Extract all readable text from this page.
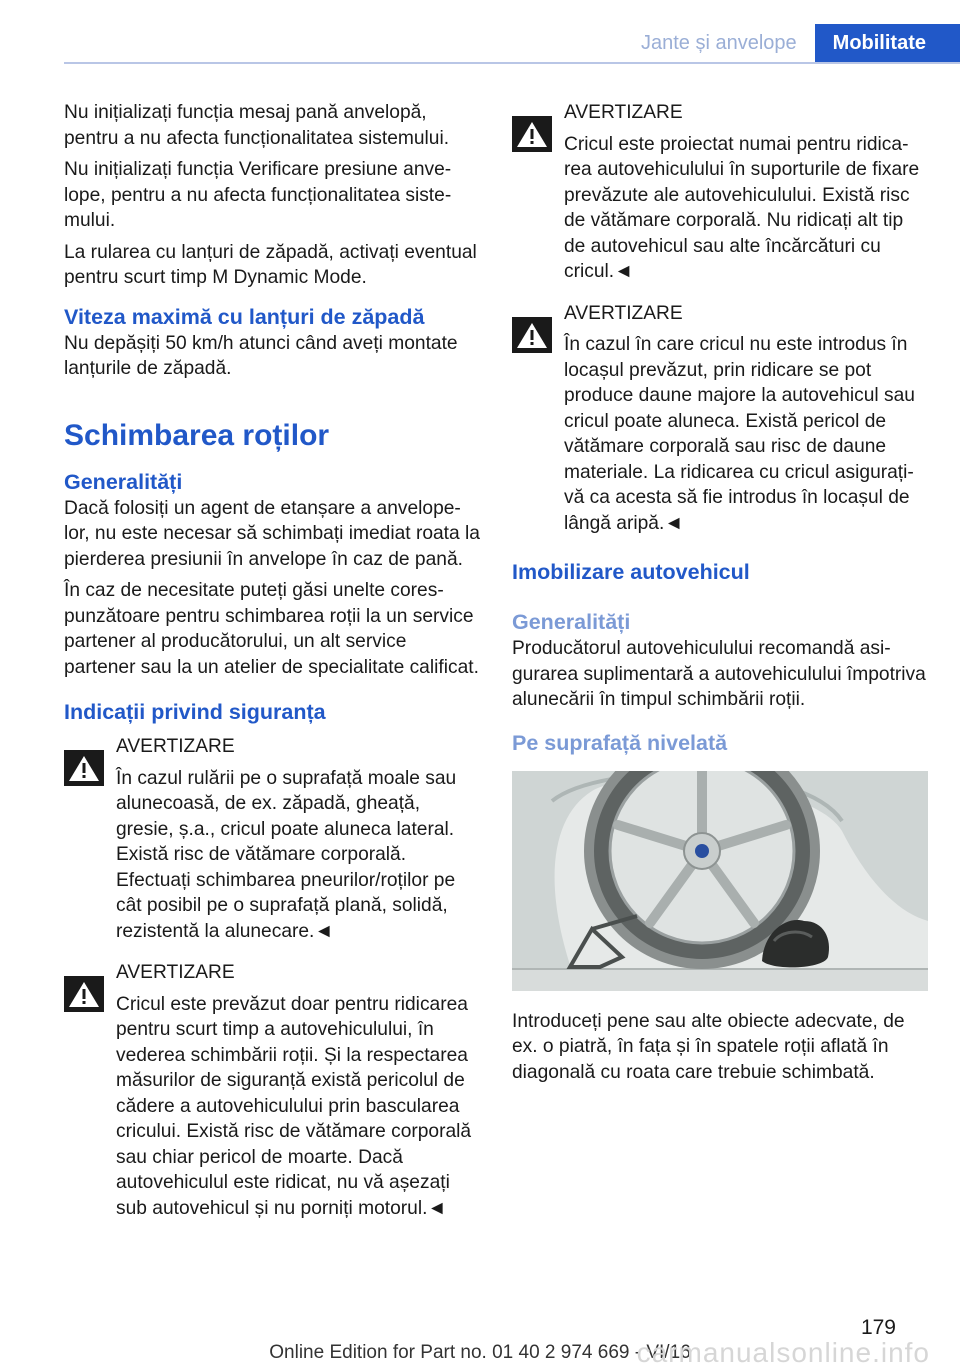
Jante și anvelope	Mobilitate

Nu inițializați funcția mesaj pană anvelopă, pentru a nu afecta funcționalitatea sistemului.

Nu inițializați funcția Verificare presiune anvelope, pentru a nu afecta funcționalitatea sistemului.

La rularea cu lanțuri de zăpadă, activați eventual pentru scurt timp M Dynamic Mode.

Viteza maximă cu lanțuri de zăpadă

Nu depășiți 50 km/h atunci când aveți montate lanțurile de zăpadă.

Schimbarea roților
Generalități

Dacă folosiți un agent de etanșare a anvelopelor, nu este necesar să schimbați imediat roata la pierderea presiunii în anvelope în caz de pană.

În caz de necesitate puteți găsi unelte corespunzătoare pentru schimbarea roții la un service partener al producătorului, un alt service partener sau la un atelier de specialitate calificat.

Indicații privind siguranța
AVERTIZARE

În cazul rulării pe o suprafață moale sau alunecoasă, de ex. zăpadă, gheață, gresie, ș.a., cricul poate aluneca lateral. Există risc de vătămare corporală. Efectuați schimbarea pneurilor/roților pe cât posibil pe o suprafață plană, solidă, rezistentă la alunecare.◄

AVERTIZARE

Cricul este prevăzut doar pentru ridicarea pentru scurt timp a autovehiculului, în vederea schimbării roții. Și la respectarea măsurilor de siguranță există pericolul de cădere a autovehiculului prin bascularea cricului. Există risc de vătămare corporală sau chiar pericol de moarte. Dacă autovehiculul este ridicat, nu vă așezați sub autovehicul și nu porniți motorul.◄

AVERTIZARE

Cricul este proiectat numai pentru ridicarea autovehiculului în suporturile de fixare prevăzute ale autovehiculului. Există risc de vătămare corporală. Nu ridicați alt tip de autovehicul sau alte încărcături cu cricul.◄

AVERTIZARE

În cazul în care cricul nu este introdus în locașul prevăzut, prin ridicare se pot produce daune majore la autovehicul sau cricul poate aluneca. Există pericol de vătămare corporală sau risc de daune materiale. La ridicarea cu cricul asigurați-vă ca acesta să fie introdus în locașul de lângă aripă.◄

Imobilizare autovehicul
Generalități

Producătorul autovehiculului recomandă asigurarea suplimentară a autovehiculului împotriva alunecării în timpul schimbării roții.

Pe suprafață nivelată

Introduceți pene sau alte obiecte adecvate, de ex. o piatră, în fața și în spatele roții aflată în diagonală cu roata care trebuie schimbată.

179
Online Edition for Part no. 01 40 2 974 669 - VI/16
carmanualsonline.info
